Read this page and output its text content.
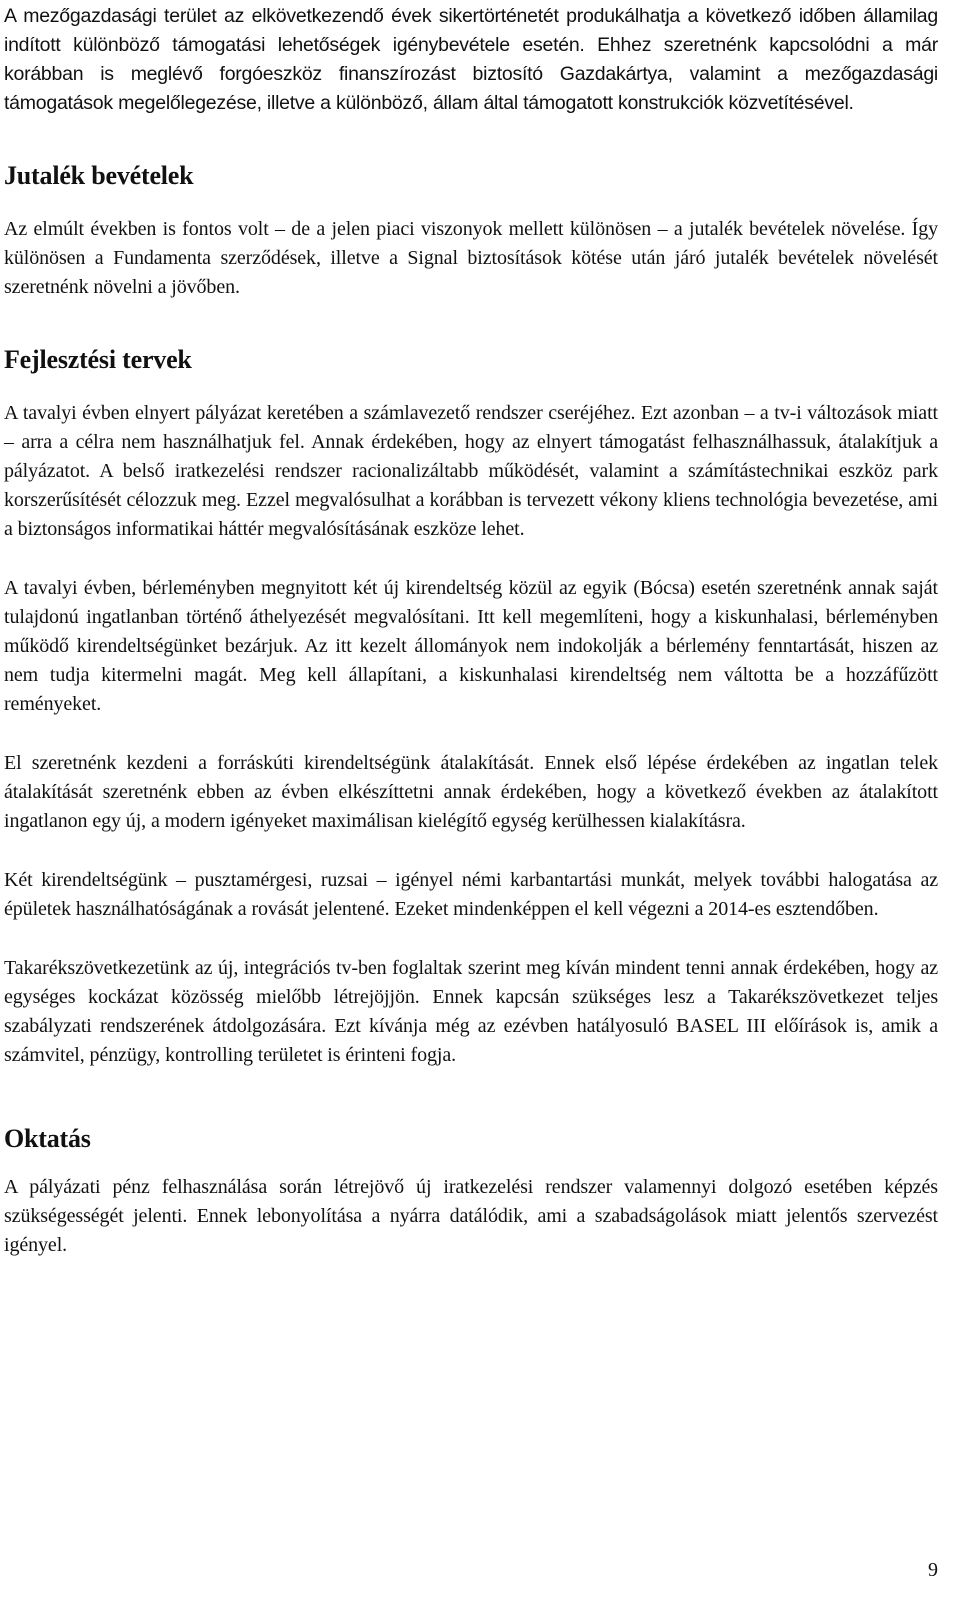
A mezőgazdasági terület az elkövetkezendő évek sikertörténetét produkálhatja a következő időben államilag indított különböző támogatási lehetőségek igénybevétele esetén. Ehhez szeretnénk kapcsolódni a már korábban is meglévő forgóeszköz finanszírozást biztosító Gazdakártya, valamint a mezőgazdasági támogatások megelőlegezése, illetve a különböző, állam által támogatott konstrukciók közvetítésével.

Jutalék bevételek

Az elmúlt években is fontos volt – de a jelen piaci viszonyok mellett különösen – a jutalék bevételek növelése. Így különösen a Fundamenta szerződések, illetve a Signal biztosítások kötése után járó jutalék bevételek növelését szeretnénk növelni a jövőben.

Fejlesztési tervek

A tavalyi évben elnyert pályázat keretében a számlavezető rendszer cseréjéhez. Ezt azonban – a tv-i változások miatt – arra a célra nem használhatjuk fel. Annak érdekében, hogy az elnyert támogatást felhasználhassuk, átalakítjuk a pályázatot. A belső iratkezelési rendszer racionalizáltabb működését, valamint a számítástechnikai eszköz park korszerűsítését célozzuk meg. Ezzel megvalósulhat a korábban is tervezett vékony kliens technológia bevezetése, ami a biztonságos informatikai háttér megvalósításának eszköze lehet.

A tavalyi évben, bérleményben megnyitott két új kirendeltség közül az egyik (Bócsa) esetén szeretnénk annak saját tulajdonú ingatlanban történő áthelyezését megvalósítani. Itt kell megemlíteni, hogy a kiskunhalasi, bérleményben működő kirendeltségünket bezárjuk. Az itt kezelt állományok nem indokolják a bérlemény fenntartását, hiszen az nem tudja kitermelni magát. Meg kell állapítani, a kiskunhalasi kirendeltség nem váltotta be a hozzáfűzött reményeket.

El szeretnénk kezdeni a forráskúti kirendeltségünk átalakítását. Ennek első lépése érdekében az ingatlan telek átalakítását szeretnénk ebben az évben elkészíttetni annak érdekében, hogy a következő években az átalakított ingatlanon egy új, a modern igényeket maximálisan kielégítő egység kerülhessen kialakításra.

Két kirendeltségünk – pusztamérgesi, ruzsai – igényel némi karbantartási munkát, melyek további halogatása az épületek használhatóságának a rovását jelentené. Ezeket mindenképpen el kell végezni a 2014-es esztendőben.

Takarékszövetkezetünk az új, integrációs tv-ben foglaltak szerint meg kíván mindent tenni annak érdekében, hogy az egységes kockázat közösség mielőbb létrejöjjön. Ennek kapcsán szükséges lesz a Takarékszövetkezet teljes szabályzati rendszerének átdolgozására. Ezt kívánja még az ezévben hatályosuló BASEL III előírások is, amik a számvitel, pénzügy, kontrolling területet is érinteni fogja.

Oktatás

A pályázati pénz felhasználása során létrejövő új iratkezelési rendszer valamennyi dolgozó esetében képzés szükségességét jelenti. Ennek lebonyolítása a nyárra datálódik, ami a szabadságolások miatt jelentős szervezést igényel.

9
